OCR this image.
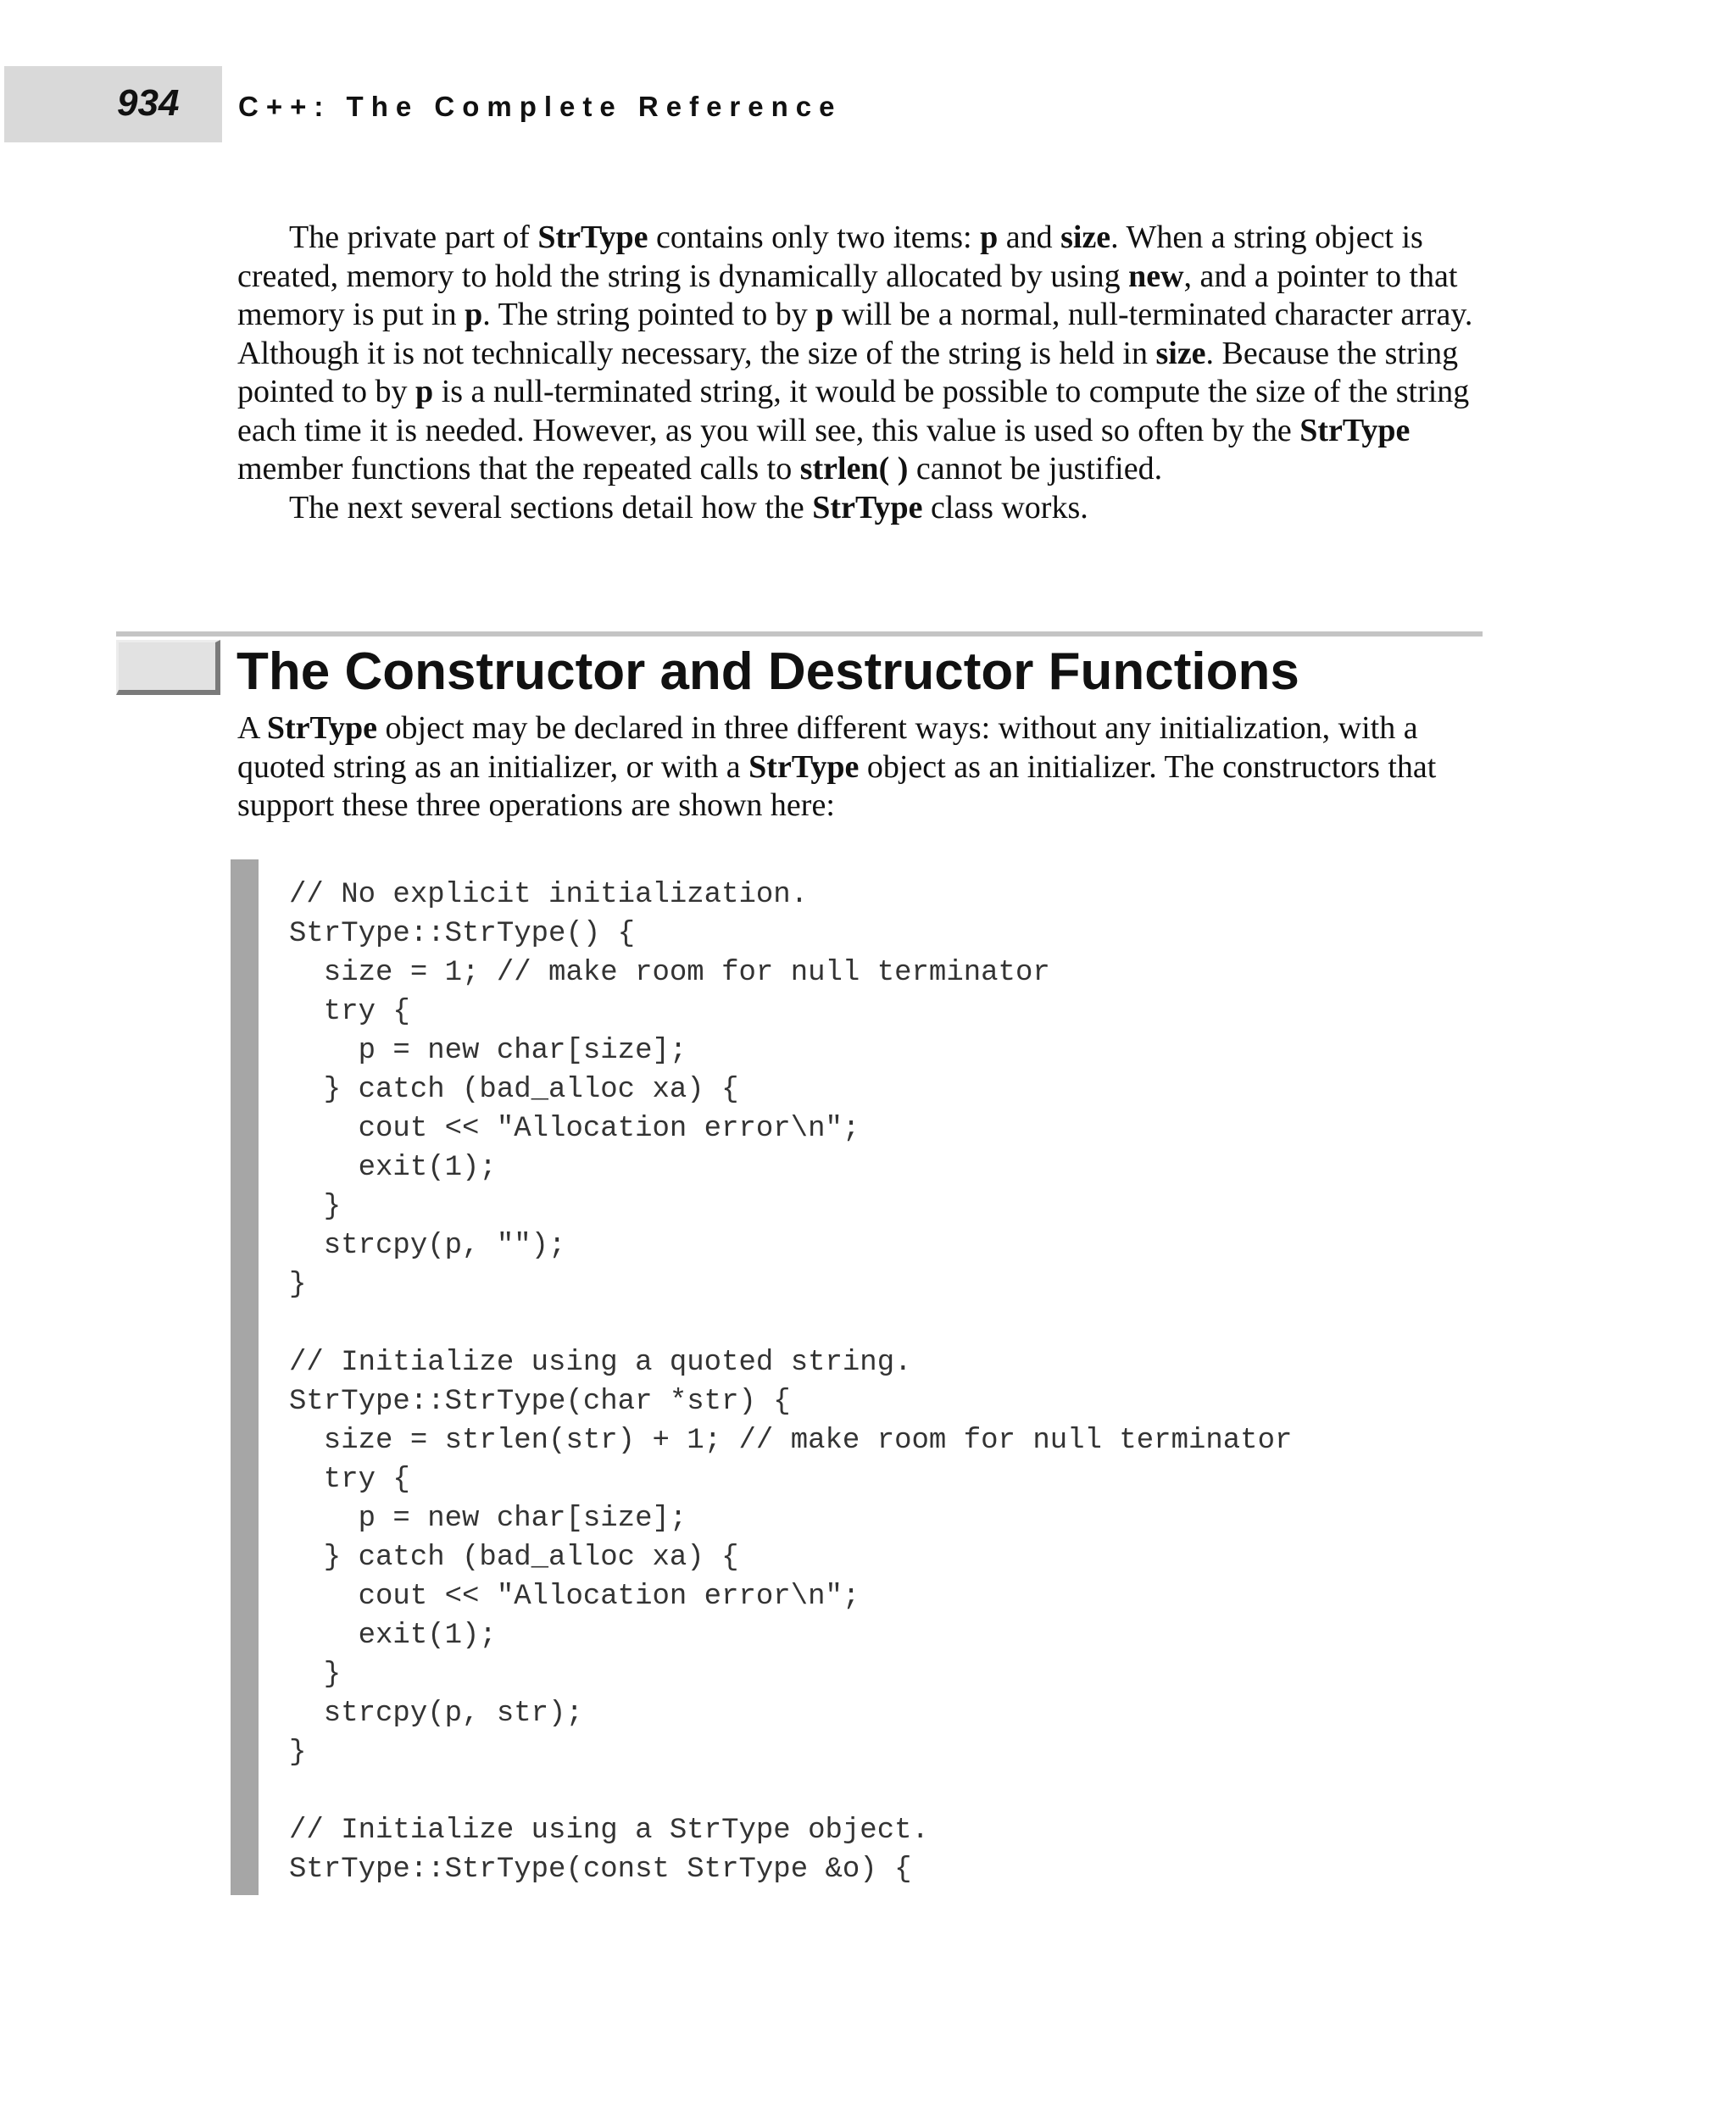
934 C++: The Complete Reference

The private part of StrType contains only two items: p and size. When a string object is created, memory to hold the string is dynamically allocated by using new, and a pointer to that memory is put in p. The string pointed to by p will be a normal, null-terminated character array. Although it is not technically necessary, the size of the string is held in size. Because the string pointed to by p is a null-terminated string, it would be possible to compute the size of the string each time it is needed. However, as you will see, this value is used so often by the StrType member functions that the repeated calls to strlen( ) cannot be justified.

The next several sections detail how the StrType class works.

The Constructor and Destructor Functions

A StrType object may be declared in three different ways: without any initialization, with a quoted string as an initializer, or with a StrType object as an initializer. The constructors that support these three operations are shown here:

// No explicit initialization.
StrType::StrType() {
size = 1; // make room for null terminator
try {
p = new char[size];
} catch (bad_alloc xa) {
cout << "Allocation error\n";
exit(1);
}
strcpy(p, "");
}

// Initialize using a quoted string.
StrType::StrType(char *str) {
size = strlen(str) + 1; // make room for null terminator
try {
p = new char[size];
} catch (bad_alloc xa) {
cout << "Allocation error\n";
exit(1);
}
strcpy(p, str);
}

// Initialize using a StrType object.
StrType::StrType(const StrType &o) {
